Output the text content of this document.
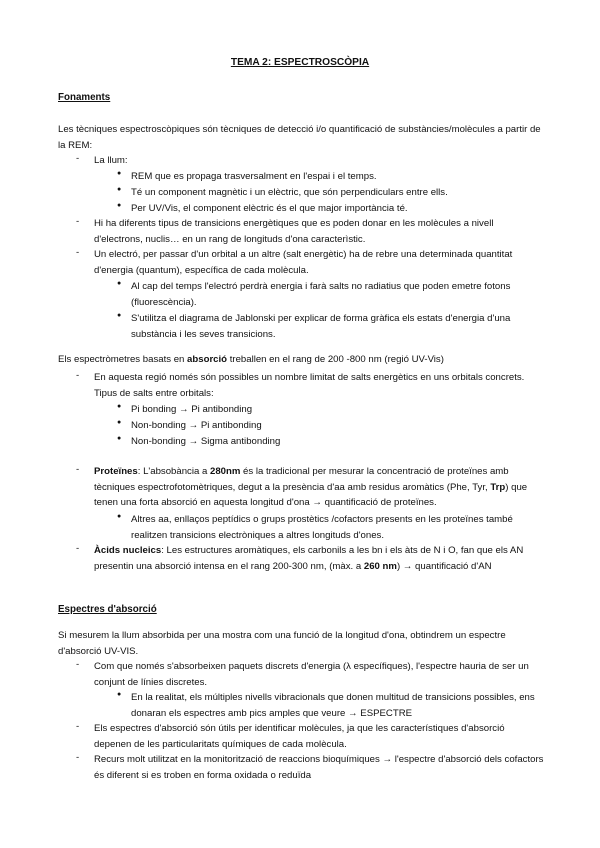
TEMA 2: ESPECTROSCÒPIA
Fonaments
Les tècniques espectroscòpiques són tècniques de detecció i/o quantificació de substàncies/molècules a partir de la REM:
- La llum:
● REM que es propaga trasversalment en l'espai i el temps.
● Té un component magnètic i un elèctric, que són perpendiculars entre ells.
● Per UV/Vis, el component elèctric és el que major importància té.
- Hi ha diferents tipus de transicions energètiques que es poden donar en les molècules a nivell d'electrons, nuclis… en un rang de longituds d'ona caracterìstic.
- Un electró, per passar d'un orbital a un altre (salt energètic) ha de rebre una determinada quantitat d'energia (quantum), específica de cada molècula.
● Al cap del temps l'electró perdrà energia i farà salts no radiatius que poden emetre fotons (fluorescència).
● S'utilitza el diagrama de Jablonski per explicar de forma gràfica els estats d'energia d'una substància i les seves transicions.
Els espectròmetres basats en absorció treballen en el rang de 200 -800 nm (regió UV-Vis)
- En aquesta regió només són possibles un nombre limitat de salts energètics en uns orbitals concrets. Tipus de salts entre orbitals:
● Pi bonding → Pi antibonding
● Non-bonding → Pi antibonding
● Non-bonding → Sigma antibonding
- Proteïnes: L'absobància a 280nm és la tradicional per mesurar la concentració de proteïnes amb tècniques espectrofotomètriques, degut a la presència d'aa amb residus aromàtics (Phe, Tyr, Trp) que tenen una forta absorció en aquesta longitud d'ona → quantificació de proteïnes.
● Altres aa, enllaços peptídics o grups prostètics /cofactors presents en les proteïnes també realitzen transicions electròniques a altres longituds d'ones.
- Àcids nucleics: Les estructures aromàtiques, els carbonils a les bn i els àts de N i O, fan que els AN presentin una absorció intensa en el rang 200-300 nm, (màx. a 260 nm) → quantificació d'AN
Espectres d'absorció
Si mesurem la llum absorbida per una mostra com una funció de la longitud d'ona, obtindrem un espectre d'absorció UV-VIS.
- Com que només s'absorbeixen paquets discrets d'energia (λ específiques), l'espectre hauria de ser un conjunt de línies discretes.
● En la realitat, els múltiples nivells vibracionals que donen multitud de transicions possibles, ens donaran els espectres amb pics amples que veure → ESPECTRE
- Els espectres d'absorció són útils per identificar molècules, ja que les característiques d'absorció depenen de les particularitats químiques de cada molècula.
- Recurs molt utilitzat en la monitorització de reaccions bioquímiques → l'espectre d'absorció dels cofactors és diferent si es troben en forma oxidada o reduïda
